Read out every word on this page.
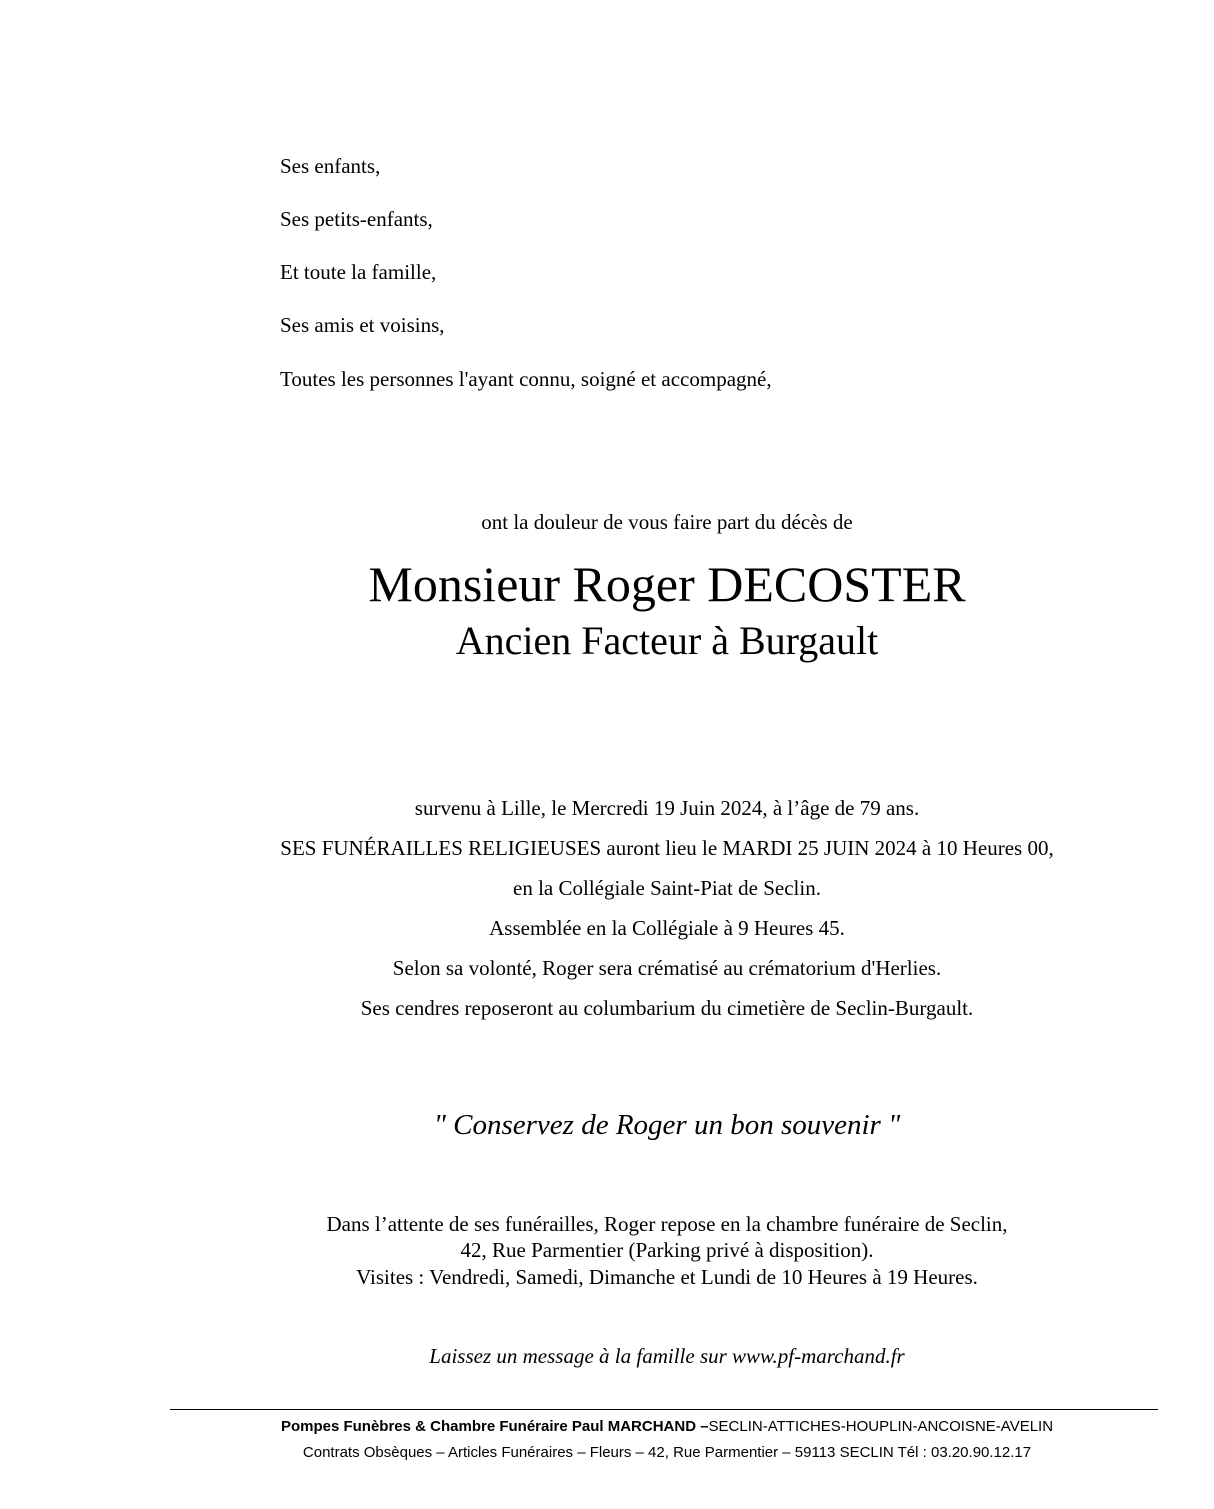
Ses enfants,
Ses petits-enfants,
Et toute la famille,
Ses amis et voisins,
Toutes les personnes l'ayant connu, soigné et accompagné,
ont la douleur de vous faire part du décès de
Monsieur Roger DECOSTER
Ancien Facteur à Burgault
survenu à Lille, le Mercredi 19 Juin 2024, à l’âge de 79 ans.
SES FUNÉRAILLES RELIGIEUSES auront lieu le MARDI 25 JUIN 2024 à 10 Heures 00,
en la Collégiale Saint-Piat de Seclin.
Assemblée en la Collégiale à 9 Heures 45.
Selon sa volonté, Roger sera crématisé au crématorium d'Herlies.
Ses cendres reposeront au columbarium du cimetière de Seclin-Burgault.
" Conservez de Roger un bon souvenir "
Dans l’attente de ses funérailles, Roger repose en la chambre funéraire de Seclin,
42, Rue Parmentier (Parking privé à disposition).
Visites : Vendredi, Samedi, Dimanche et Lundi de 10 Heures à 19 Heures.
Laissez un message à la famille sur www.pf-marchand.fr
Pompes Funèbres & Chambre Funéraire Paul MARCHAND –SECLIN-ATTICHES-HOUPLIN-ANCOISNE-AVELIN
Contrats Obsèques – Articles Funéraires – Fleurs – 42, Rue Parmentier – 59113 SECLIN Tél : 03.20.90.12.17
